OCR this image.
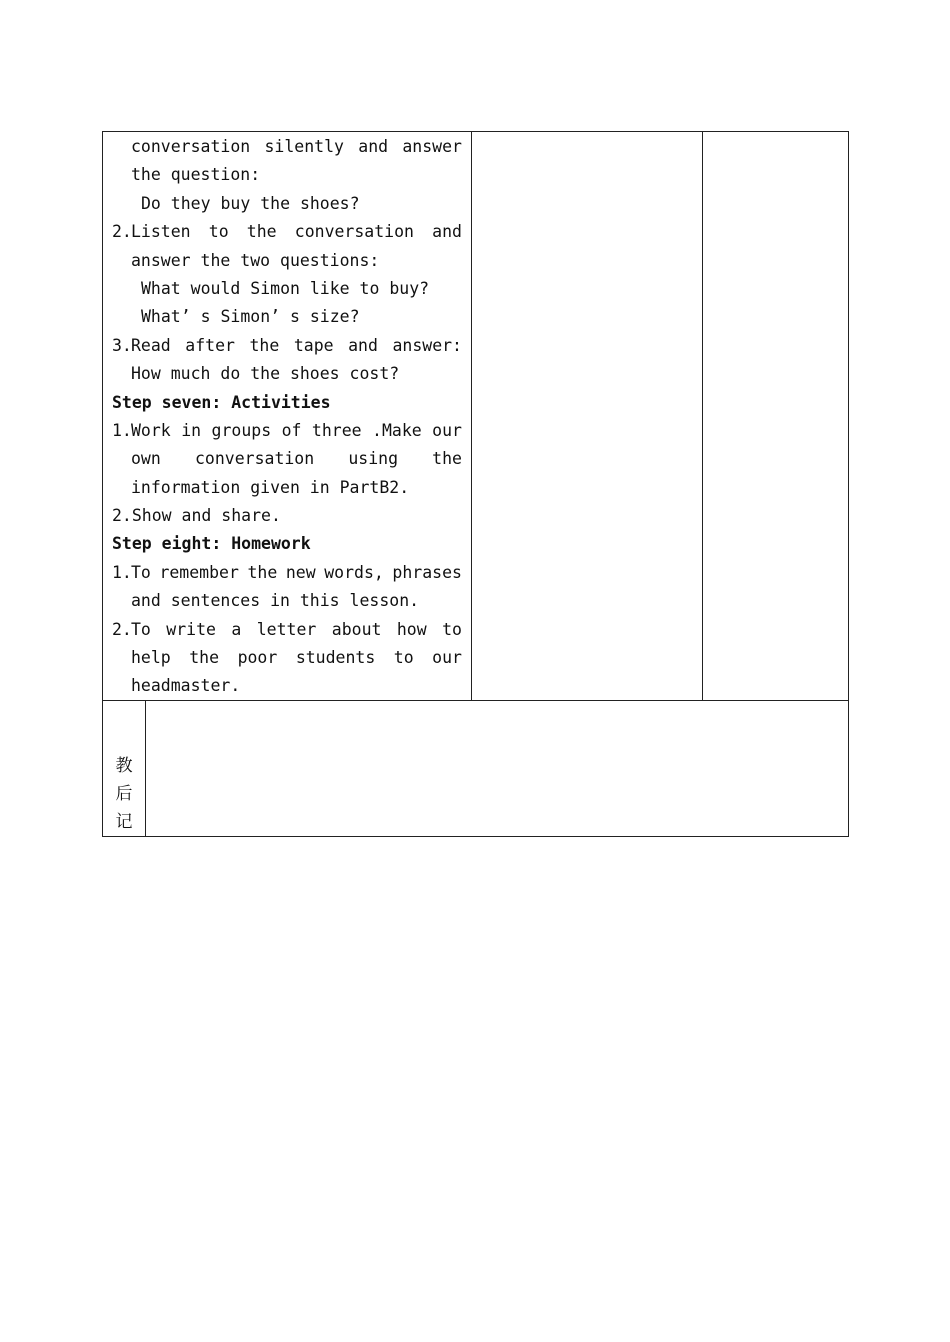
conversation silently and answer
the question:
Do they buy the shoes?
2. Listen to the conversation and
answer the two questions:
What would Simon like to buy?
What’ s Simon’ s size?
3. Read after the tape and answer:
How much do the shoes cost?
Step seven: Activities
1. Work in groups of three .Make our
own conversation using the
information given in PartB2.
2.Show and share.
Step eight: Homework
1. To remember the new words, phrases
and sentences in this lesson.
2. To write a letter about how to
help the poor students to our
headmaster.
教
后
记
